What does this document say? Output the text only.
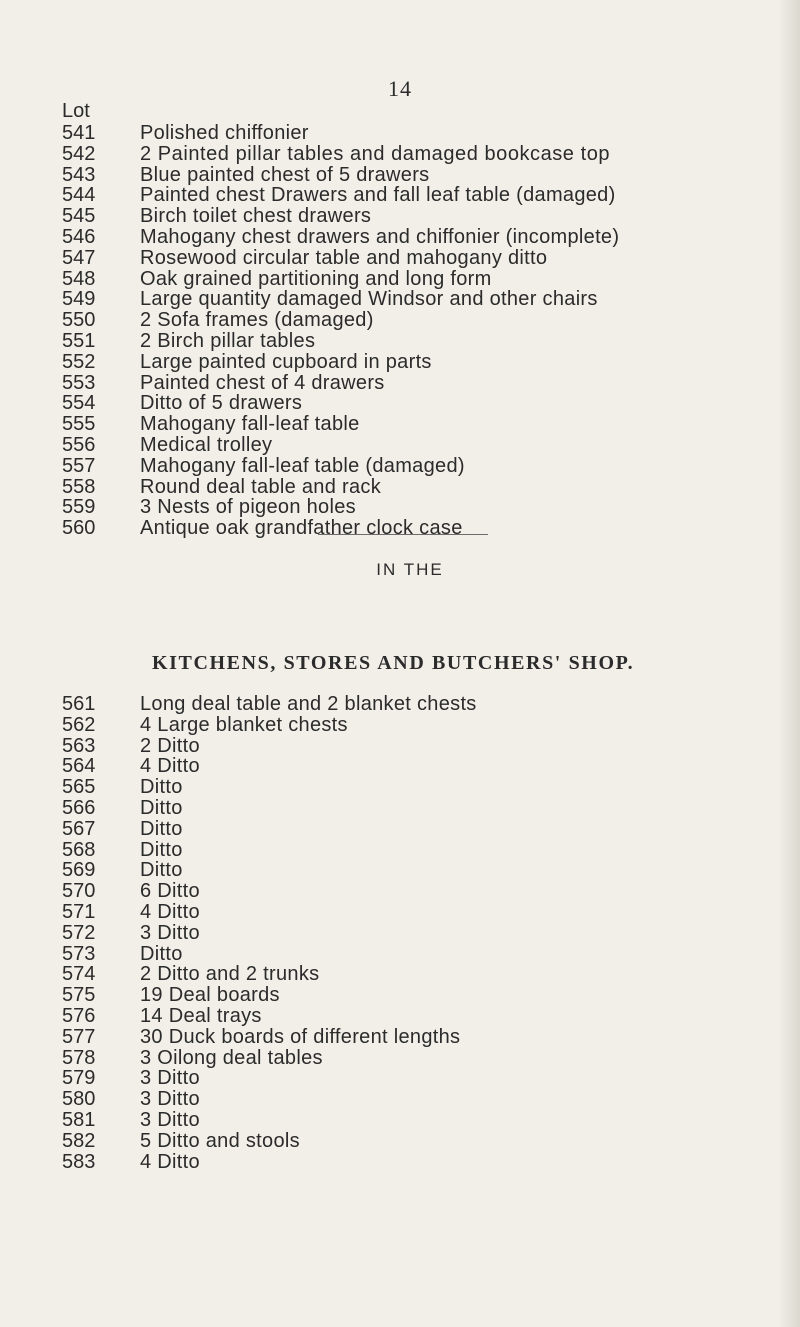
14
Lot
541	Polished chiffonier
542	2 Painted pillar tables and damaged bookcase top
543	Blue painted chest of 5 drawers
544	Painted chest Drawers and fall leaf table (damaged)
545	Birch toilet chest drawers
546	Mahogany chest drawers and chiffonier (incomplete)
547	Rosewood circular table and mahogany ditto
548	Oak grained partitioning and long form
549	Large quantity damaged Windsor and other chairs
550	2 Sofa frames (damaged)
551	2 Birch pillar tables
552	Large painted cupboard in parts
553	Painted chest of 4 drawers
554	Ditto of 5 drawers
555	Mahogany fall-leaf table
556	Medical trolley
557	Mahogany fall-leaf table (damaged)
558	Round deal table and rack
559	3 Nests of pigeon holes
560	Antique oak grandfather clock case
IN THE
KITCHENS, STORES AND BUTCHERS' SHOP.
561	Long deal table and 2 blanket chests
562	4 Large blanket chests
563	2 Ditto
564	4 Ditto
565	Ditto
566	Ditto
567	Ditto
568	Ditto
569	Ditto
570	6 Ditto
571	4 Ditto
572	3 Ditto
573	Ditto
574	2 Ditto and 2 trunks
575	19 Deal boards
576	14 Deal trays
577	30 Duck boards of different lengths
578	3 Oilong deal tables
579	3 Ditto
580	3 Ditto
581	3 Ditto
582	5 Ditto and stools
583	4 Ditto
